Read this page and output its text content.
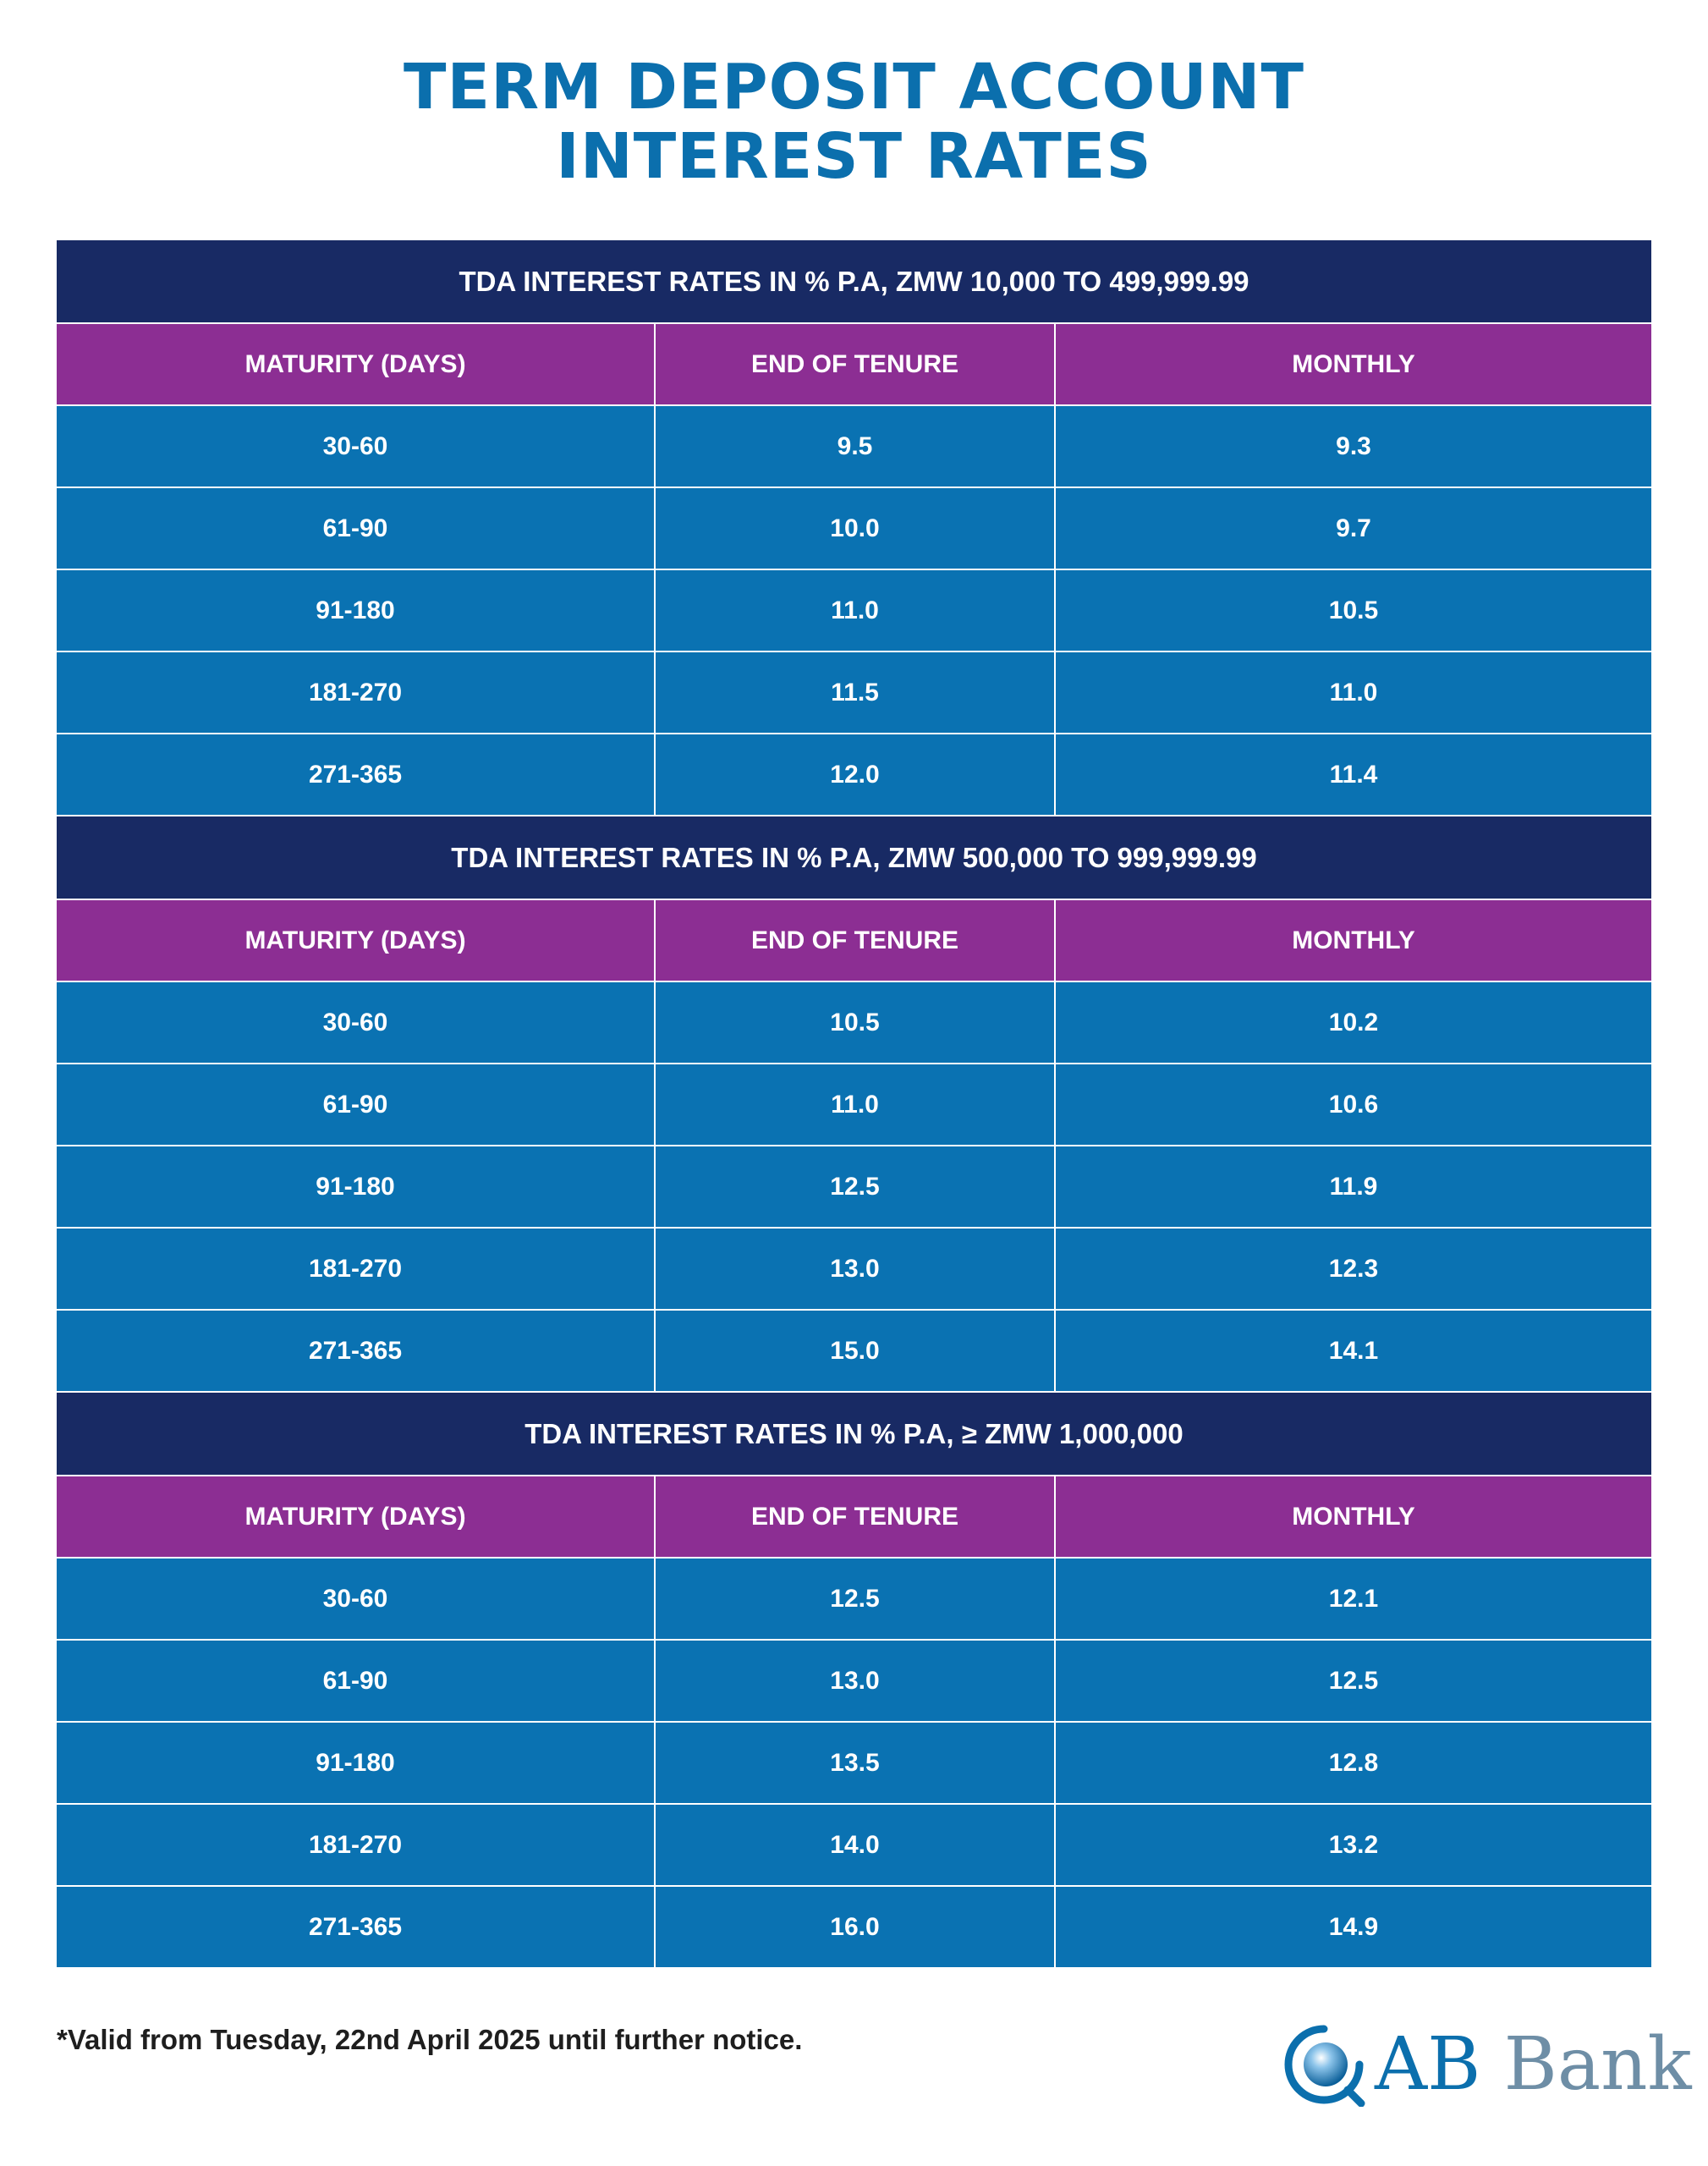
TERM DEPOSIT ACCOUNT
INTEREST RATES
TDA INTEREST RATES IN % P.A, ZMW 10,000 TO 499,999.99
MATURITY (DAYS)	END OF TENURE	MONTHLY
30-60	9.5	9.3
61-90	10.0	9.7
91-180	11.0	10.5
181-270	11.5	11.0
271-365	12.0	11.4
TDA INTEREST RATES IN % P.A, ZMW 500,000 TO 999,999.99
MATURITY (DAYS)	END OF TENURE	MONTHLY
30-60	10.5	10.2
61-90	11.0	10.6
91-180	12.5	11.9
181-270	13.0	12.3
271-365	15.0	14.1
TDA INTEREST RATES IN % P.A, ≥ ZMW 1,000,000
MATURITY (DAYS)	END OF TENURE	MONTHLY
30-60	12.5	12.1
61-90	13.0	12.5
91-180	13.5	12.8
181-270	14.0	13.2
271-365	16.0	14.9
*Valid from Tuesday, 22nd April 2025 until further notice.	AB Bank
